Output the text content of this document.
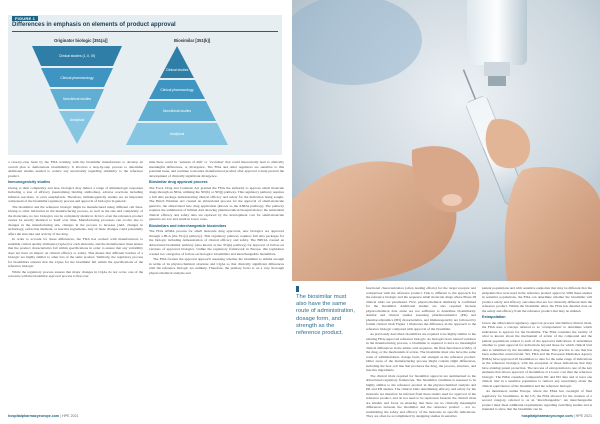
FIGURE 1
Differences in emphasis on elements of product approval
Originator biologic [351(a)]	Biosimilar [351(k)]
Clinical studies (1, II, III)
Clinical pharmacology
Nonclinical studies
Analytical
Clinical studies
Clinical pharmacology
Nonclinical studies
Analytical

a case-by-case basis by the FDA working with the biosimilar manufacturer to develop an overall plan to demonstrate biosimilarity. It involves a step-by-step process to determine additional studies needed to reduce any uncertainty regarding similarity to the reference product.

Immunogenicity studies

Owing to their complexity and size, biologics may induce a range of immunologic responses including a loss of efficacy (neutralizing binding antibodies), adverse reactions including infusion reactions, or even anaphylaxis. Therefore, immunogenicity studies are an important component of the biosimilar regulatory process and approval of biologics in general.

The biosimilar and the reference biologic might be manufactured using different cell lines. Owing to other intricacies in the manufacturing process, as well as the size and complexity of the molecules, no two biologics can be completely identical. In fact, even the reference product cannot be exactly identical to itself over time. Manufacturing processes can evolve due to changes in the manufacturing site, changes in the process to increase yield, changes in technology, extraction methods, or inactive ingredients. Any of these changes could potentially affect the structure and activity of the drug.

In order to account for these differences, the FDA has worked with manufacturers to establish critical quality attributes (CQAs) for each molecule, and the manufacturer must ensure that the product characteristics fall within specifications in order to ensure that any variability does not have an impact on clinical efficacy or safety. This means that different batches of a biologic are highly similar to other lots of the same product. Similarly, the regulatory process for biosimilars ensures that the CQAs for the biosimilar fall within the specifications of the reference biologic.

While the regulatory process assures that major changes in CQAs do not occur, one of the concerns with the biosimilar approval process is that over

time there could be ‘patterns of drift’ or ‘evolution’ that could theoretically lead to clinically meaningful differences, or divergence. The FDA and other regulators are sensitive to this potential issue, and continue to monitor manufactured product after approval to help prevent the development of clinically significant divergence.

Biosimilar drug approval process

The Food, Drug and Cosmetic Act granted the FDA the authority to approve small molecule drugs through an NDA, utilizing the 505(b) or 505(j) pathway. This regulatory pathway requires a full data package demonstrating clinical efficacy and safety for the indication being sought. The Hatch Waxman Act created an abbreviated process for the approval of small-molecule generics, the abbreviated new drug application (known as the ANDA pathway). The pathway requires the submission of limited data showing pharmaceutical bioequivalence; the substantial clinical efficacy and safety data are replaced by the development cost for small-molecule generics are low and result in lower costs.

Biosimilars and interchangeable biosimilars

The FDA ANDA process for small molecule drug approvals, new biologics are approved through a BLA (the 351(a) pathway). This regulatory pathway requires full data packages for the biologic including demonstration of clinical efficacy and safety. The BPCIA created an abbreviated biosimilar pathway (also known as the 351(k) pathway) for approval of follow-on versions of approved biologics. Unlike the regulatory framework in Europe, this legislation created two categories of follow-on biologics: biosimilars and interchangeable biosimilars.

The FDA focuses the approval approach assessing whether the biosimilar is similar enough in terms of its physicochemical structure and CQAs so that clinically significant differences with the reference biologic are unlikely. Therefore, the primary focus is on a very thorough physicochemical analysis and

The biosimilar must also have the same route of administration, dosage form, and strength as the reference product.

functional characterization (often leading efforts) for the target receptor and comparison with the reference product. This is different to the approach for the reference biologic and the sequence small molecule drugs where Phase III clinical trials are paramount. First, physicochemical similarity is confirmed for the biosimilar. Additional studies are also required because physicochemical data alone are not sufficient to determine biosimilarity. Animal and clinical studies assessing pharmacokinetics (PK) and pharmacodynamics (PD) characteristics, and immunogenicity are followed by formal clinical trials Figure 1 illustrates the difference in the approach to the reference biologic compared with approval of the biosimilar.

As previously described, biosimilars are required to be highly similar to the existing FDA-approved reference biologic. As biologics have natural variation in the manufacturing process, a biosimilar is required to have no meaningful clinical differences in the amino acid sequence, the final functional activity of the drug, or the mechanism of action. The biosimilar must also have the same route of administration, dosage form, and strength as the reference product. Other areas of the manufacturing process might contain slight differences, including the host cell line that produces the drug, the process, structure, and inactive ingredients.

The clinical trials required for biosimilar approval are summarized as the abbreviated regulatory framework. The biosimilar candidate is assessed to be highly similar to the reference product in the physicochemical analysis and PK and PD studies. The clinical trials determining efficacy and safety for the molecule are therefore be inferred from these results used for approval of the reference product, and do not need to be replicated. Instead, the clinical trials are smaller and focus on ensuring that there are no clinically meaningful differences between the biosimilar and the reference product – not re-establishing the safety and efficacy of the molecule in specific indications. They are often be accomplished by designing studies in sensitive

patient populations and with sensitive endpoints that may be different that the endpoints that were used in the reference product approval. With these studies in sensitive populations, the FDA can determine whether the biosimilar will produce safety and efficacy outcomes that are not clinically different than the reference product. Within the biosimilar label, the FDA has detailed data on the safety and efficacy from the reference product that may be utilized.

Extrapolation

Given the abbreviated regulatory approval process and limited clinical trials, the FDA uses a concept referred to as ‘extrapolation’ to determine which indications to approve for the biosimilar. The FDA considers the totality of what is known about the mechanism of action of the compound and the patient populations related to each of the approved indications. It determines whether to grant approval for indications beyond those for which clinical trial data is submitted by the biosimilar drug maker. This practice is one that has been somewhat controversial. Yet, FDA and the European Medicines Agency (EMA) have approved all biosimilars to date for the same range of indications as the reference biologics, with the exception of those indications that may have existing patent protection. The process of extrapolation is one of the key elements that allows approval of biosimilars at a lower cost than the reference biologic. The EMA considers comparative PK and PD data and at least one clinical trial in a sensitive population to remove any uncertainty about the clinical equivalence of the biosimilar and the reference biologic.

As mentioned, unlike Europe, where the EMA has oversight of final regulatory for biosimilars, in the US, the FDA allowed for the creation of a second category, referred to as an ‘interchangeable’. An interchangeable product must meet additional requirements regarding switching studies and is intended to show that the biosimilar can be

hospitalpharmacyeurope.com | HPE 2021	hospitalpharmacyeurope.com | HPE 2021
